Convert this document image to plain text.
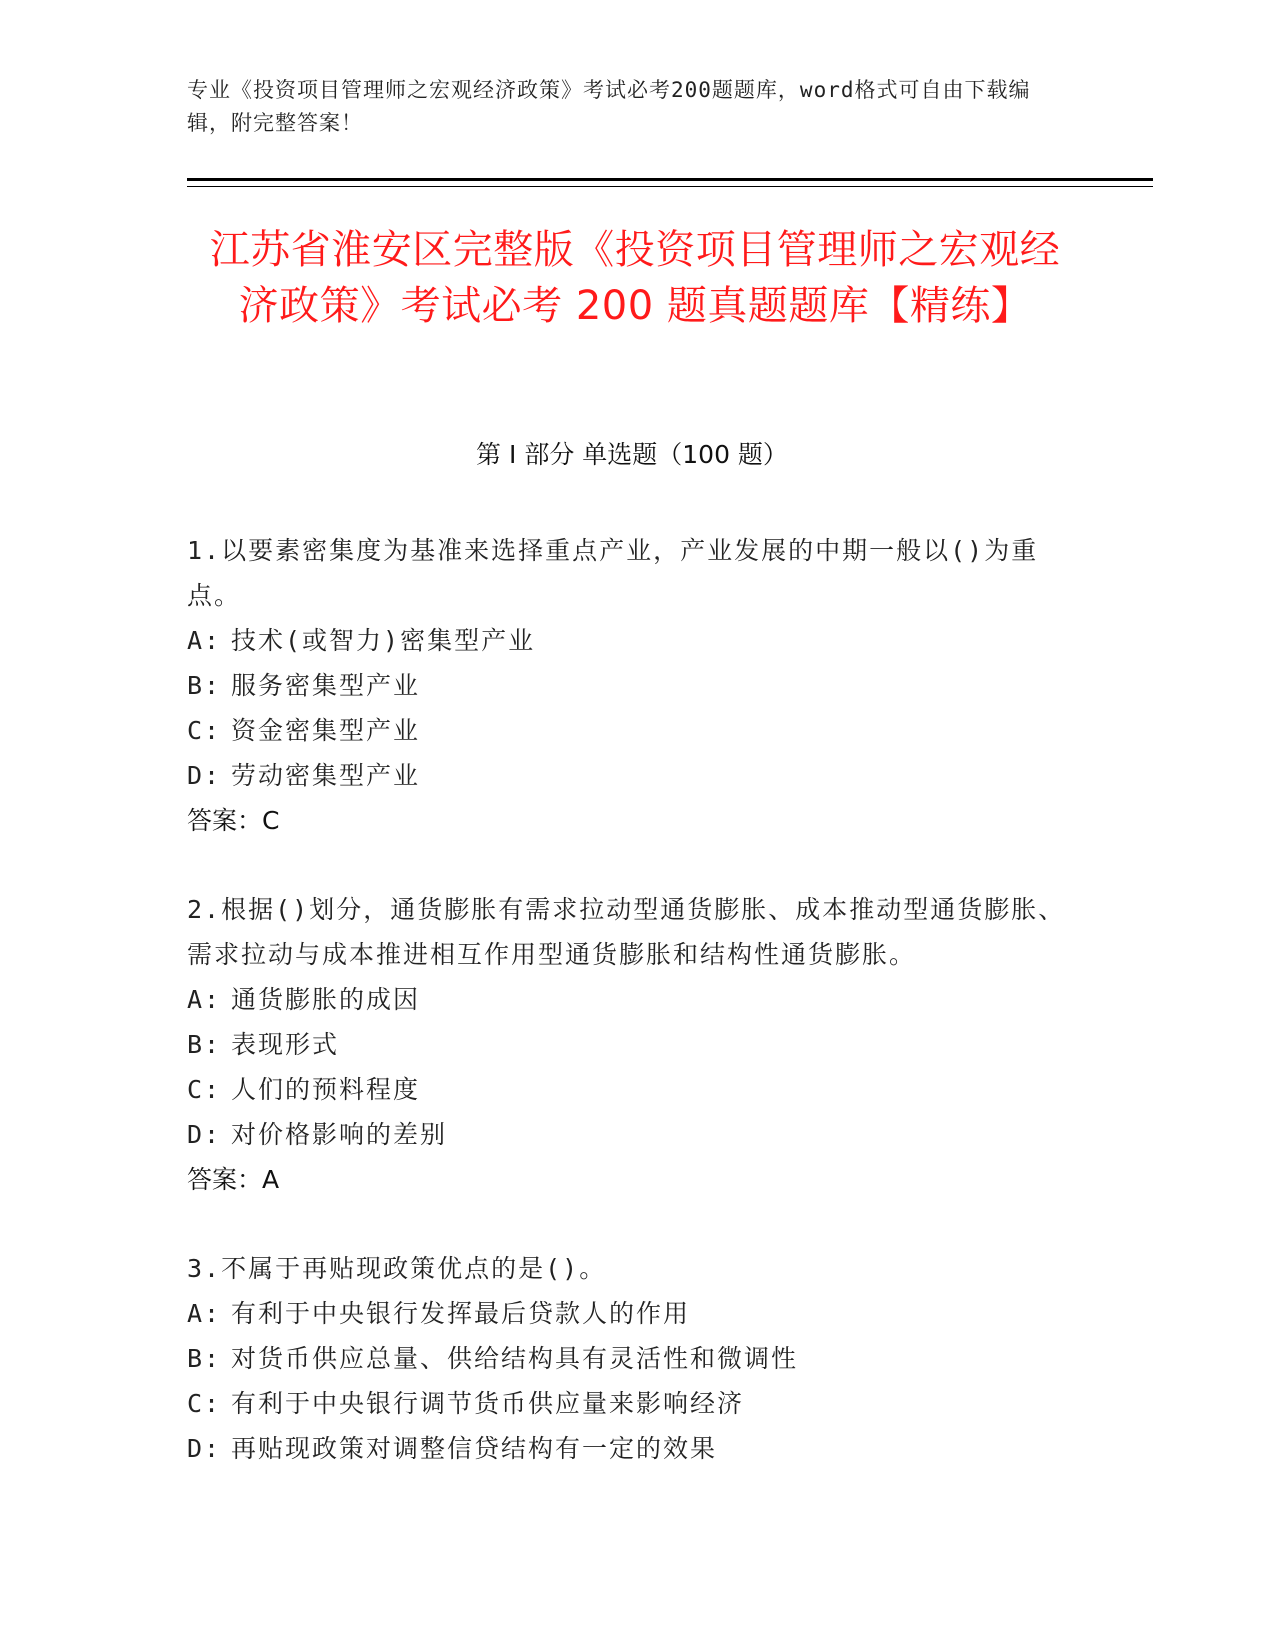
专业《投资项目管理师之宏观经济政策》考试必考200题题库，word格式可自由下载编辑，附完整答案！
江苏省淮安区完整版《投资项目管理师之宏观经济政策》考试必考 200 题真题题库【精练】
第 I 部分 单选题（100 题）
1.以要素密集度为基准来选择重点产业，产业发展的中期一般以()为重点。
A: 技术(或智力)密集型产业
B: 服务密集型产业
C: 资金密集型产业
D: 劳动密集型产业
答案：C
2.根据()划分，通货膨胀有需求拉动型通货膨胀、成本推动型通货膨胀、需求拉动与成本推进相互作用型通货膨胀和结构性通货膨胀。
A: 通货膨胀的成因
B: 表现形式
C: 人们的预料程度
D: 对价格影响的差别
答案：A
3.不属于再贴现政策优点的是()。
A: 有利于中央银行发挥最后贷款人的作用
B: 对货币供应总量、供给结构具有灵活性和微调性
C: 有利于中央银行调节货币供应量来影响经济
D: 再贴现政策对调整信贷结构有一定的效果
